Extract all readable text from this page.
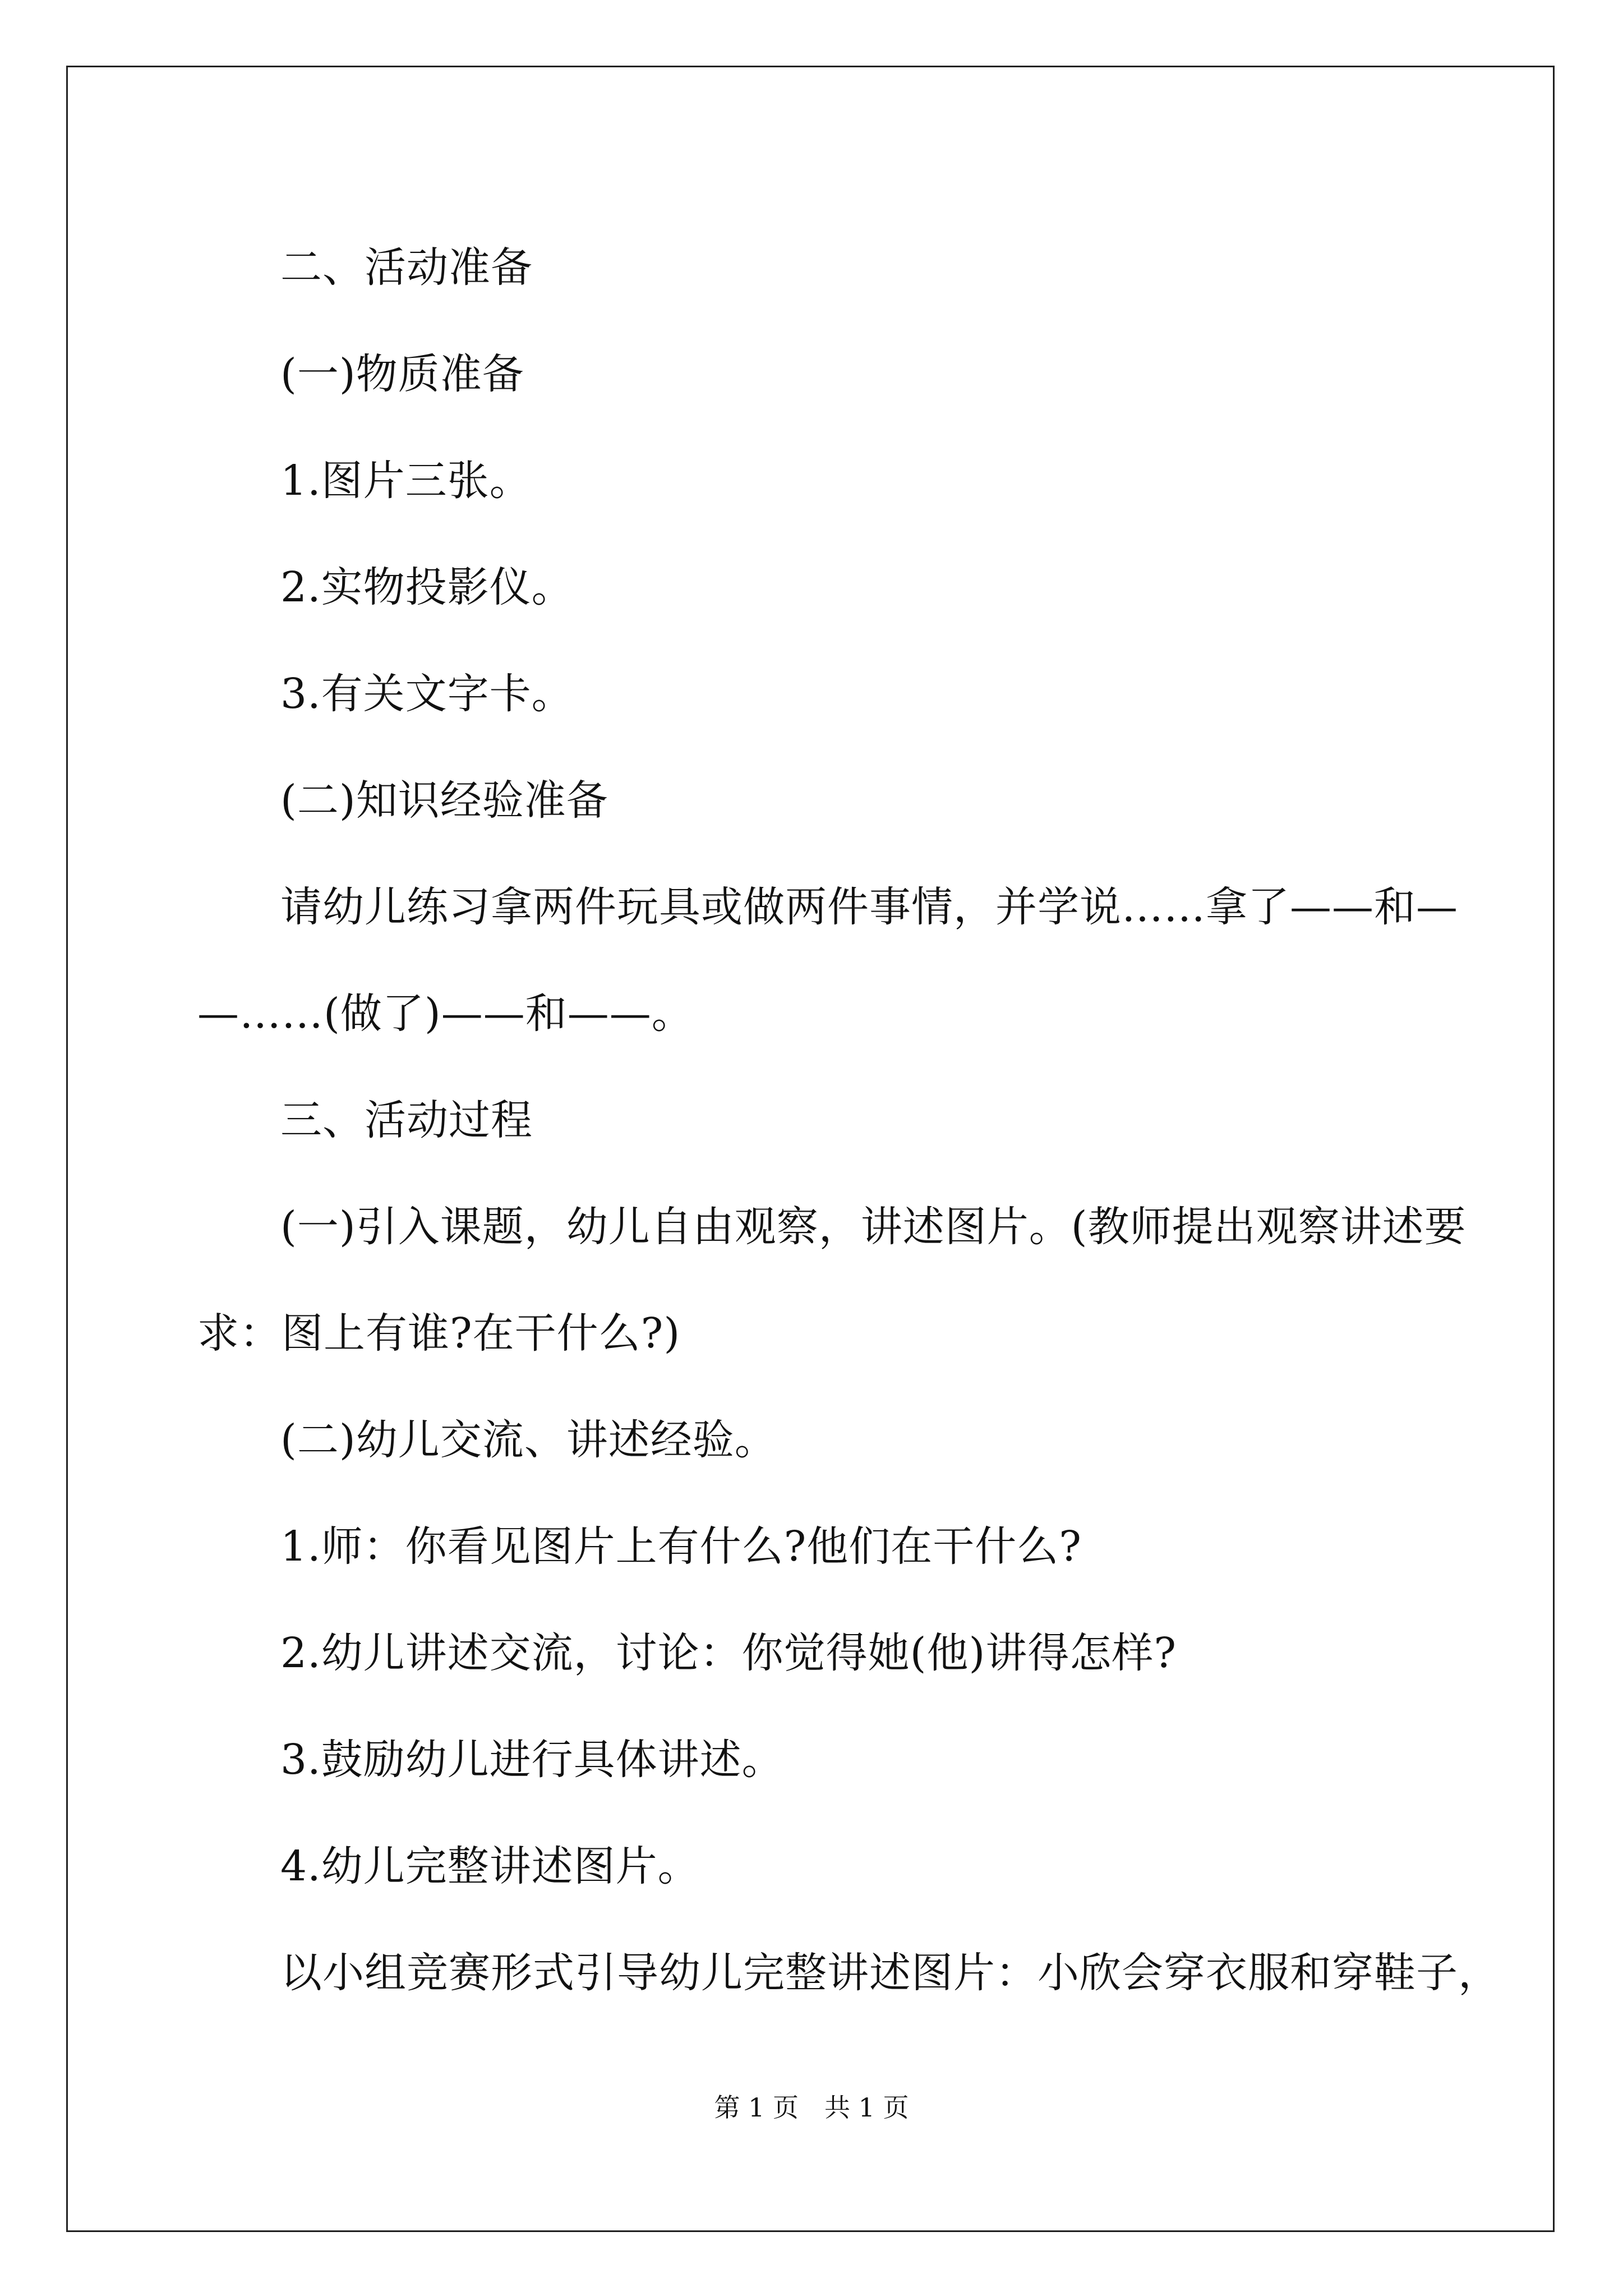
二、活动准备

(一)物质准备

1.图片三张。

2.实物投影仪。

3.有关文字卡。

(二)知识经验准备

请幼儿练习拿两件玩具或做两件事情，并学说……拿了——和—

—……(做了)——和——。

三、活动过程

(一)引入课题，幼儿自由观察，讲述图片。(教师提出观察讲述要

求：图上有谁?在干什么?)

(二)幼儿交流、讲述经验。

1.师：你看见图片上有什么?他们在干什么?

2.幼儿讲述交流，讨论：你觉得她(他)讲得怎样?

3.鼓励幼儿进行具体讲述。

4.幼儿完整讲述图片。

以小组竞赛形式引导幼儿完整讲述图片：小欣会穿衣服和穿鞋子，

第 1 页　共 1 页
